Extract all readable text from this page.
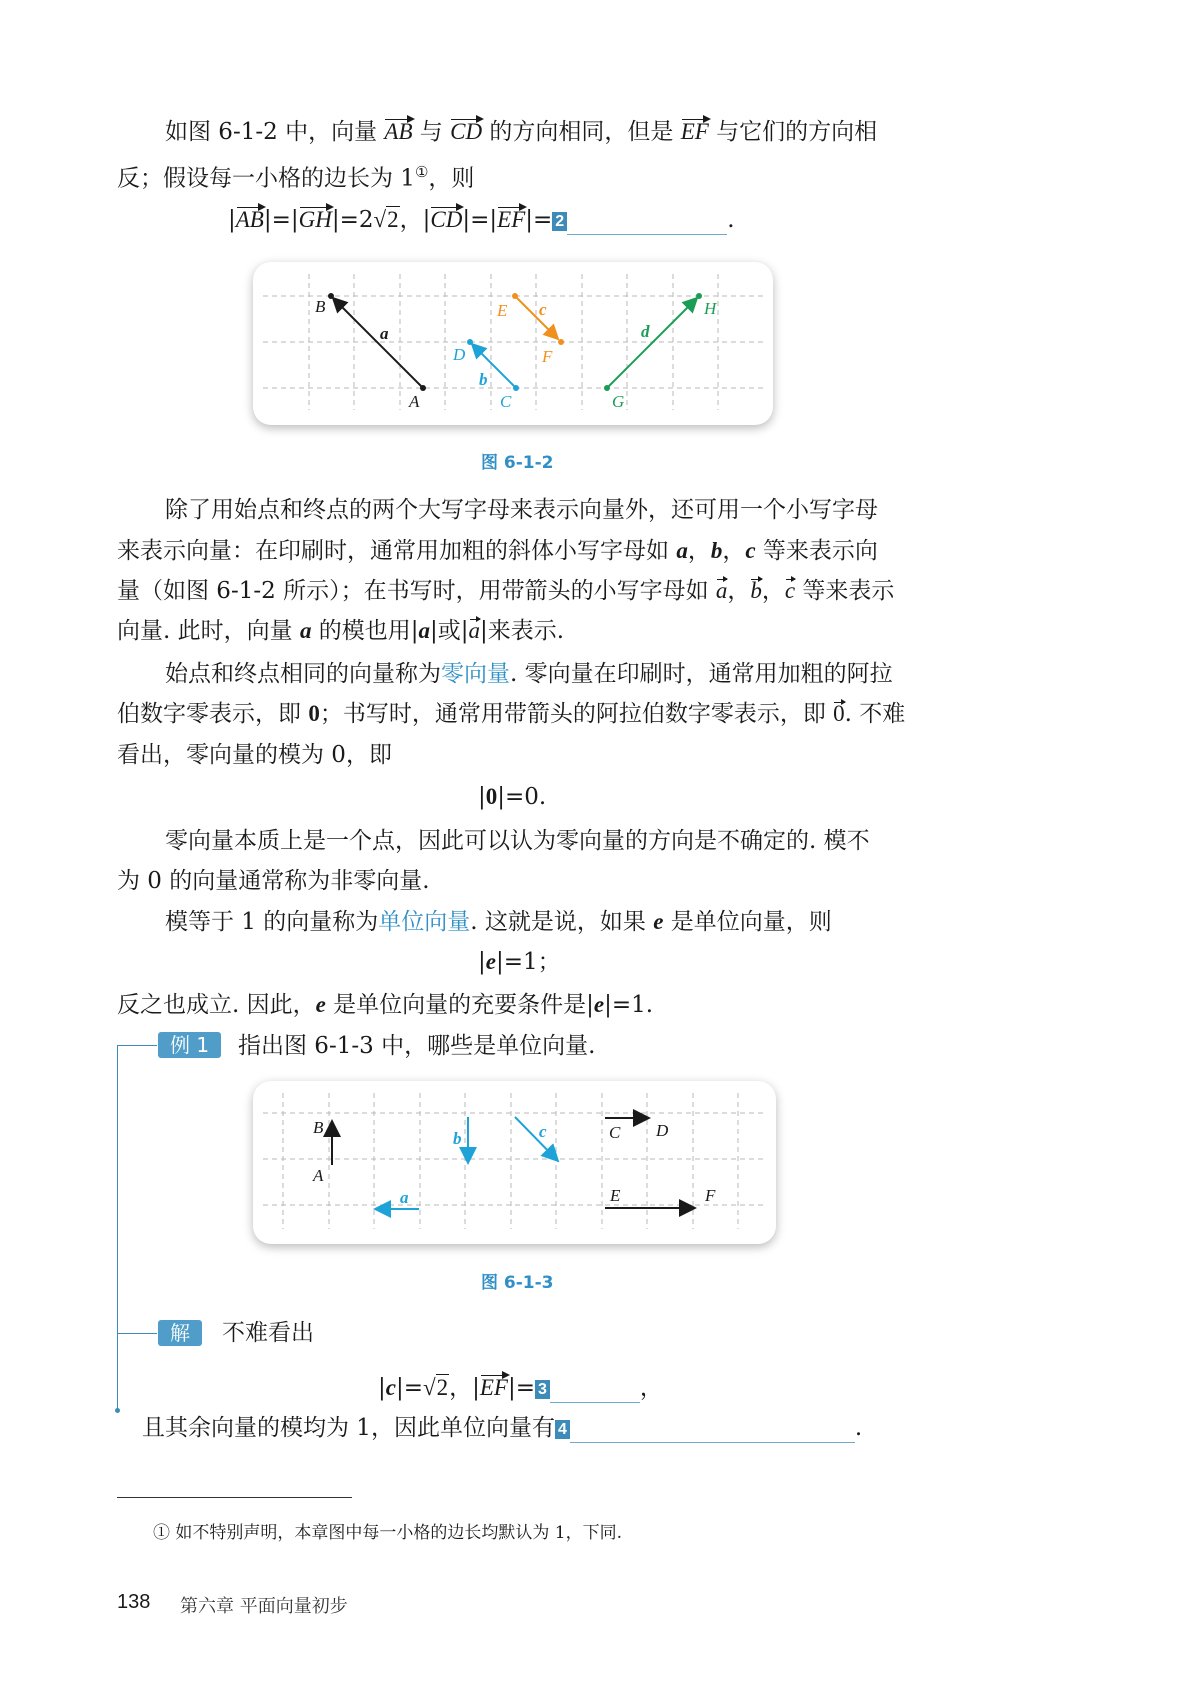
如图 6-1-2 中，向量 AB 与 CD 的方向相同，但是 EF 与它们的方向相
反；假设每一小格的边长为 1①，则
|AB|=|GH|=2√2，|CD|=|EF|= 2	.
B
A
a
D
C
b
E c
F
G
d
H
图 6-1-2
除了用始点和终点的两个大写字母来表示向量外，还可用一个小写字母
来表示向量：在印刷时，通常用加粗的斜体小写字母如 a，b，c 等来表示向
量（如图 6-1-2 所示）；在书写时，用带箭头的小写字母如 a，b，c 等来表示
向量. 此时，向量 a 的模也用|a|或|a|来表示.
始点和终点相同的向量称为零向量. 零向量在印刷时，通常用加粗的阿拉
伯数字零表示，即 0；书写时，通常用带箭头的阿拉伯数字零表示，即 0. 不难
看出，零向量的模为 0，即
|0|=0.
零向量本质上是一个点，因此可以认为零向量的方向是不确定的. 模不
为 0 的向量通常称为非零向量.
模等于 1 的向量称为单位向量. 这就是说，如果 e 是单位向量，则
|e|=1；
反之也成立. 因此，e 是单位向量的充要条件是|e|=1.
例 1	指出图 6-1-3 中，哪些是单位向量.
B
A
b	c
a
C D
E	F
图 6-1-3
解	不难看出
|c|=√2，|EF|= 3	，
且其余向量的模均为 1，因此单位向量有 4	.
① 如不特别声明，本章图中每一小格的边长均默认为 1，下同.
138 第六章 平面向量初步
